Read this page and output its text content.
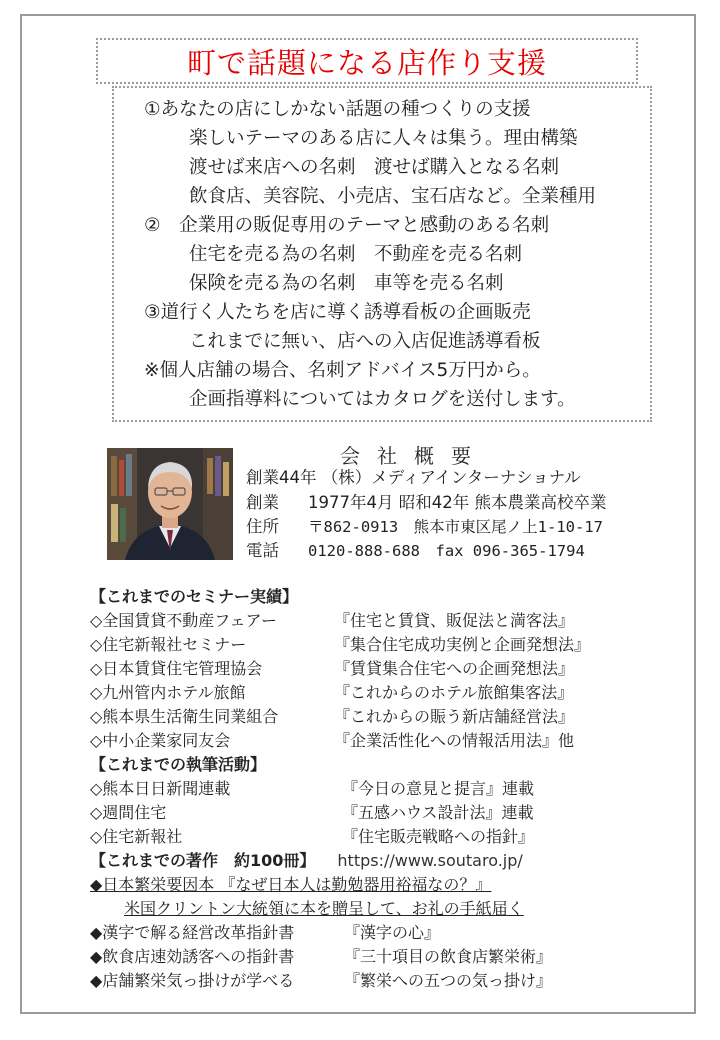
町で話題になる店作り支援
①あなたの店にしかない話題の種つくりの支援
楽しいテーマのある店に人々は集う。理由構築
渡せば来店への名刺　渡せば購入となる名刺
飲食店、美容院、小売店、宝石店など。全業種用
②　企業用の販促専用のテーマと感動のある名刺
住宅を売る為の名刺　不動産を売る名刺
保険を売る為の名刺　車等を売る名刺
③道行く人たちを店に導く誘導看板の企画販売
これまでに無い、店への入店促進誘導看板
※個人店舗の場合、名刺アドバイス5万円から。
企画指導料についてはカタログを送付します。
会社概要
創業44年 （株）メディアインターナショナル
創業 1977年4月 昭和42年 熊本農業高校卒業
住所 〒862-0913　熊本市東区尾ノ上1-10-17
電話 0120-888-688　fax 096-365-1794
【これまでのセミナー実績】
◇全国賃貸不動産フェアー	『住宅と賃貸、販促法と満客法』
◇住宅新報社セミナー	『集合住宅成功実例と企画発想法』
◇日本賃貸住宅管理協会	『賃貸集合住宅への企画発想法』
◇九州管内ホテル旅館	『これからのホテル旅館集客法』
◇熊本県生活衛生同業組合	『これからの賑う新店舗経営法』
◇中小企業家同友会	『企業活性化への情報活用法』他
【これまでの執筆活動】
◇熊本日日新聞連載	『今日の意見と提言』連載
◇週間住宅	『五感ハウス設計法』連載
◇住宅新報社	『住宅販売戦略への指針』
【これまでの著作　約100冊】 https://www.soutaro.jp/
◆日本繁栄要因本 『なぜ日本人は勤勉器用裕福なの？』
米国クリントン大統領に本を贈呈して、お礼の手紙届く
◆漢字で解る経営改革指針書	『漢字の心』
◆飲食店速効誘客への指針書	『三十項目の飲食店繁栄術』
◆店舗繁栄気っ掛けが学べる	『繁栄への五つの気っ掛け』
